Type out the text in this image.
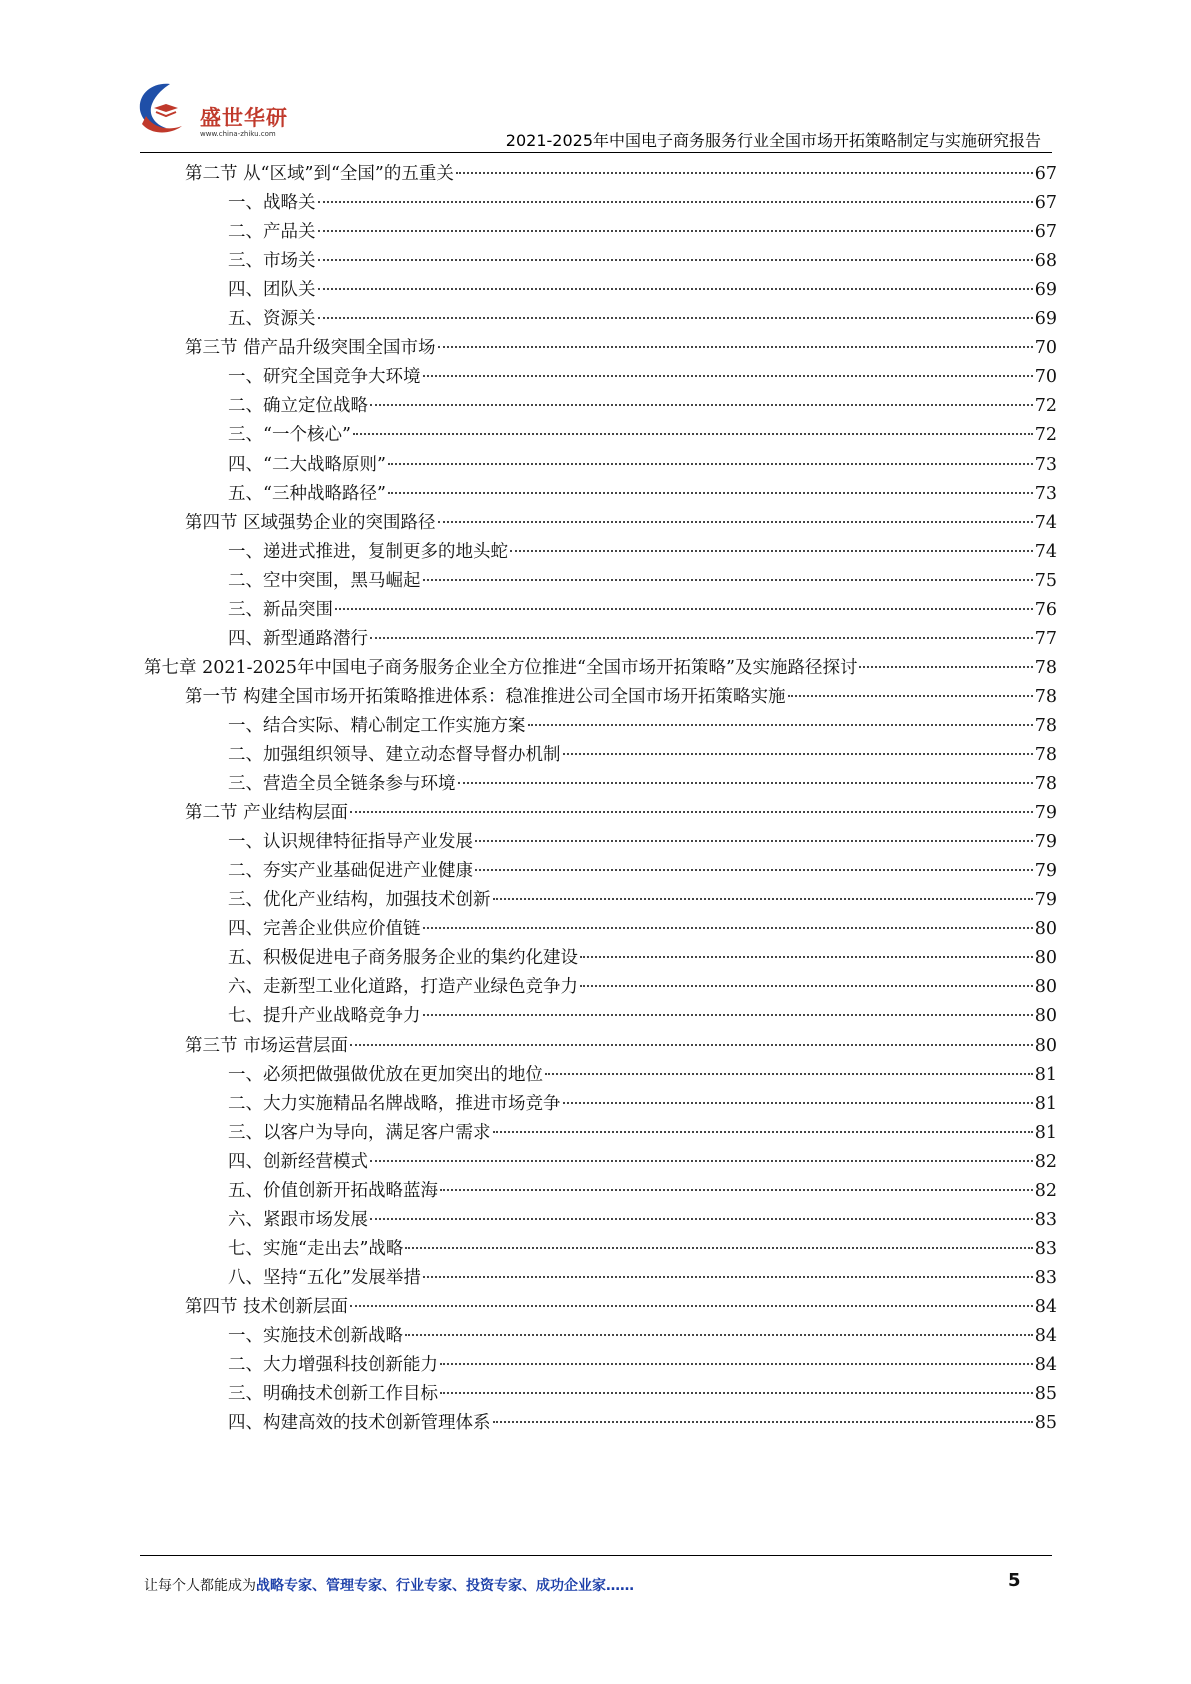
盛世华研
www.china-zhiku.com	2021-2025年中国电子商务服务行业全国市场开拓策略制定与实施研究报告
第二节 从“区域”到“全国”的五重关	67
一、战略关	67
二、产品关	67
三、市场关	68
四、团队关	69
五、资源关	69
第三节 借产品升级突围全国市场	70
一、研究全国竞争大环境	70
二、确立定位战略	72
三、“一个核心”	72
四、“二大战略原则”	73
五、“三种战略路径”	73
第四节 区域强势企业的突围路径	74
一、递进式推进，复制更多的地头蛇	74
二、空中突围，黑马崛起	75
三、新品突围	76
四、新型通路潜行	77
第七章 2021-2025年中国电子商务服务企业全方位推进“全国市场开拓策略”及实施路径探讨	78
第一节 构建全国市场开拓策略推进体系：稳准推进公司全国市场开拓策略实施	78
一、结合实际、精心制定工作实施方案	78
二、加强组织领导、建立动态督导督办机制	78
三、营造全员全链条参与环境	78
第二节 产业结构层面	79
一、认识规律特征指导产业发展	79
二、夯实产业基础促进产业健康	79
三、优化产业结构，加强技术创新	79
四、完善企业供应价值链	80
五、积极促进电子商务服务企业的集约化建设	80
六、走新型工业化道路，打造产业绿色竞争力	80
七、提升产业战略竞争力	80
第三节 市场运营层面	80
一、必须把做强做优放在更加突出的地位	81
二、大力实施精品名牌战略，推进市场竞争	81
三、以客户为导向，满足客户需求	81
四、创新经营模式	82
五、价值创新开拓战略蓝海	82
六、紧跟市场发展	83
七、实施“走出去”战略	83
八、坚持“五化”发展举措	83
第四节 技术创新层面	84
一、实施技术创新战略	84
二、大力增强科技创新能力	84
三、明确技术创新工作目标	85
四、构建高效的技术创新管理体系	85
让每个人都能成为战略专家、管理专家、行业专家、投资专家、成功企业家……	5
